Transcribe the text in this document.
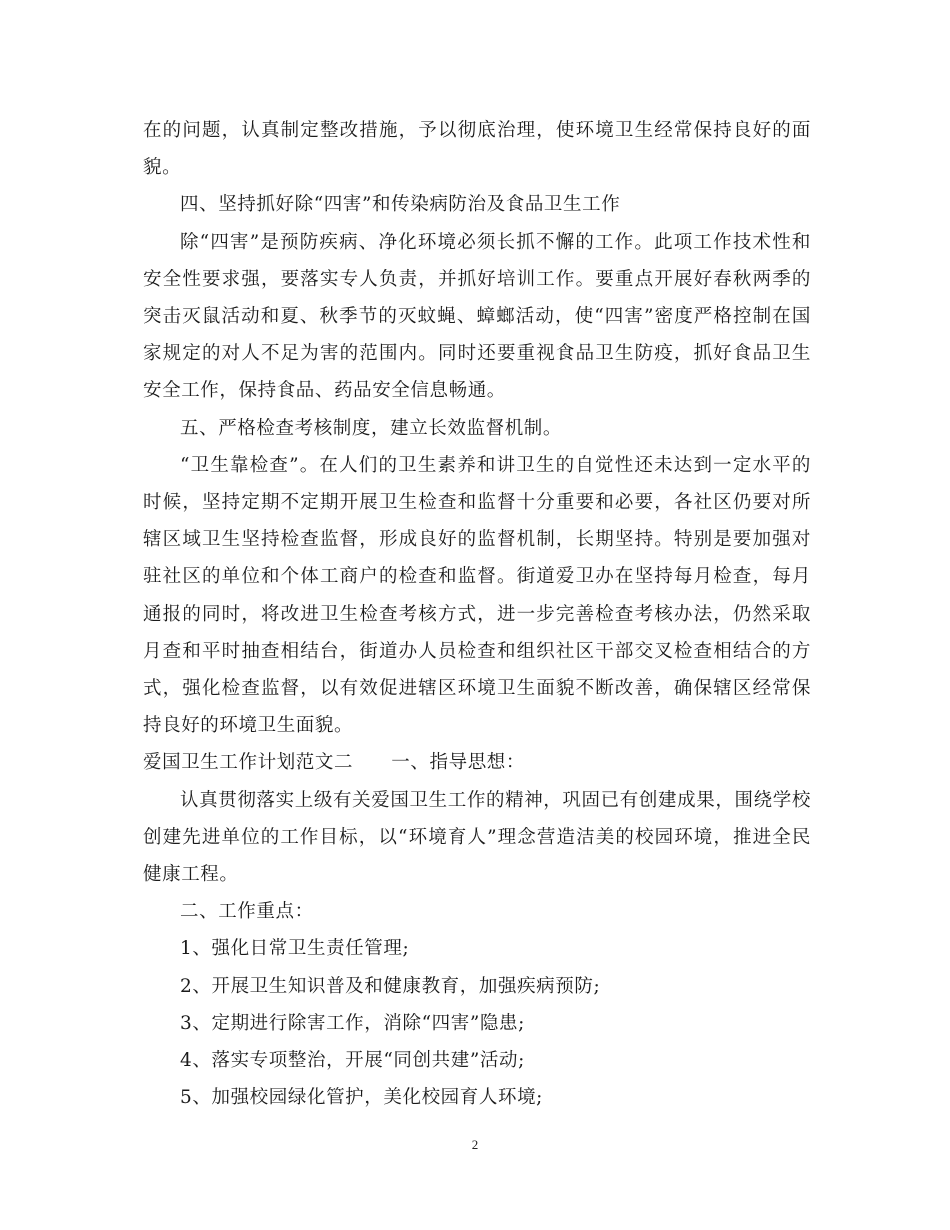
在的问题，认真制定整改措施，予以彻底治理，使环境卫生经常保持良好的面貌。

四、坚持抓好除“四害”和传染病防治及食品卫生工作

除“四害”是预防疾病、净化环境必须长抓不懈的工作。此项工作技术性和安全性要求强，要落实专人负责，并抓好培训工作。要重点开展好春秋两季的突击灭鼠活动和夏、秋季节的灭蚊蝇、蟑螂活动，使“四害”密度严格控制在国家规定的对人不足为害的范围内。同时还要重视食品卫生防疫，抓好食品卫生安全工作，保持食品、药品安全信息畅通。

五、严格检查考核制度，建立长效监督机制。

“卫生靠检查”。在人们的卫生素养和讲卫生的自觉性还未达到一定水平的时候，坚持定期不定期开展卫生检查和监督十分重要和必要，各社区仍要对所辖区域卫生坚持检查监督，形成良好的监督机制，长期坚持。特别是要加强对驻社区的单位和个体工商户的检查和监督。街道爱卫办在坚持每月检查，每月通报的同时，将改进卫生检查考核方式，进一步完善检查考核办法，仍然采取月查和平时抽查相结台，街道办人员检查和组织社区干部交叉检查相结合的方式，强化检查监督，以有效促进辖区环境卫生面貌不断改善，确保辖区经常保持良好的环境卫生面貌。

爱国卫生工作计划范文二　　一、指导思想：

认真贯彻落实上级有关爱国卫生工作的精神，巩固已有创建成果，围绕学校创建先进单位的工作目标，以“环境育人”理念营造洁美的校园环境，推进全民健康工程。

二、工作重点：

1、强化日常卫生责任管理;

2、开展卫生知识普及和健康教育，加强疾病预防;

3、定期进行除害工作，消除“四害”隐患;

4、落实专项整治，开展“同创共建”活动;

5、加强校园绿化管护，美化校园育人环境;

2
